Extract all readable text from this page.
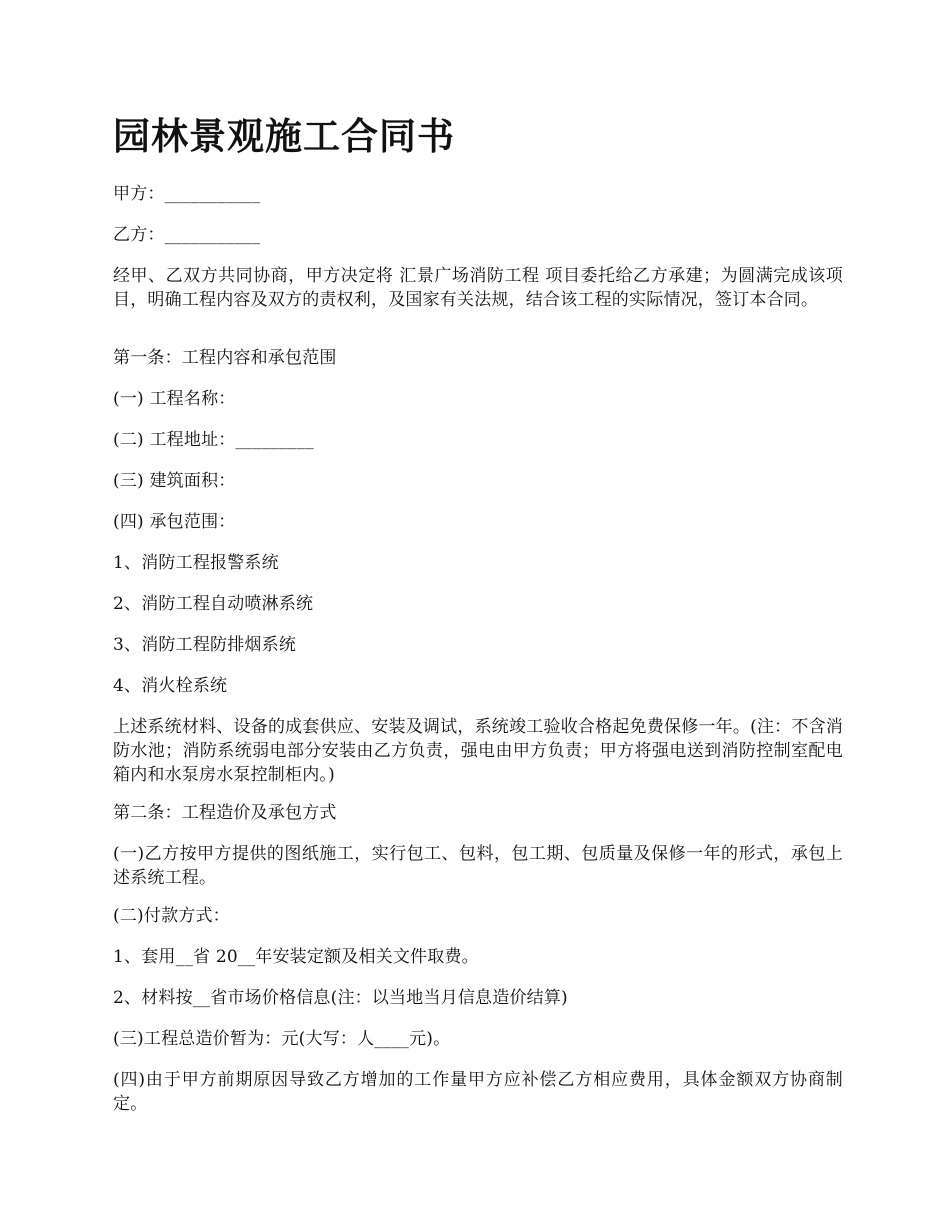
园林景观施工合同书

甲方：___________

乙方：___________

经甲、乙双方共同协商，甲方决定将 汇景广场消防工程 项目委托给乙方承建；为圆满完成该项目，明确工程内容及双方的责权利，及国家有关法规，结合该工程的实际情况，签订本合同。

第一条：工程内容和承包范围

(一) 工程名称：

(二) 工程地址：_________

(三) 建筑面积：

(四) 承包范围：

1、消防工程报警系统

2、消防工程自动喷淋系统

3、消防工程防排烟系统

4、消火栓系统

上述系统材料、设备的成套供应、安装及调试，系统竣工验收合格起免费保修一年。(注：不含消防水池；消防系统弱电部分安装由乙方负责，强电由甲方负责；甲方将强电送到消防控制室配电箱内和水泵房水泵控制柜内。)

第二条：工程造价及承包方式

(一)乙方按甲方提供的图纸施工，实行包工、包料，包工期、包质量及保修一年的形式，承包上述系统工程。

(二)付款方式：

1、套用__省 20__年安装定额及相关文件取费。

2、材料按__省市场价格信息(注：以当地当月信息造价结算)

(三)工程总造价暂为：元(大写：人____元)。

(四)由于甲方前期原因导致乙方增加的工作量甲方应补偿乙方相应费用，具体金额双方协商制定。
